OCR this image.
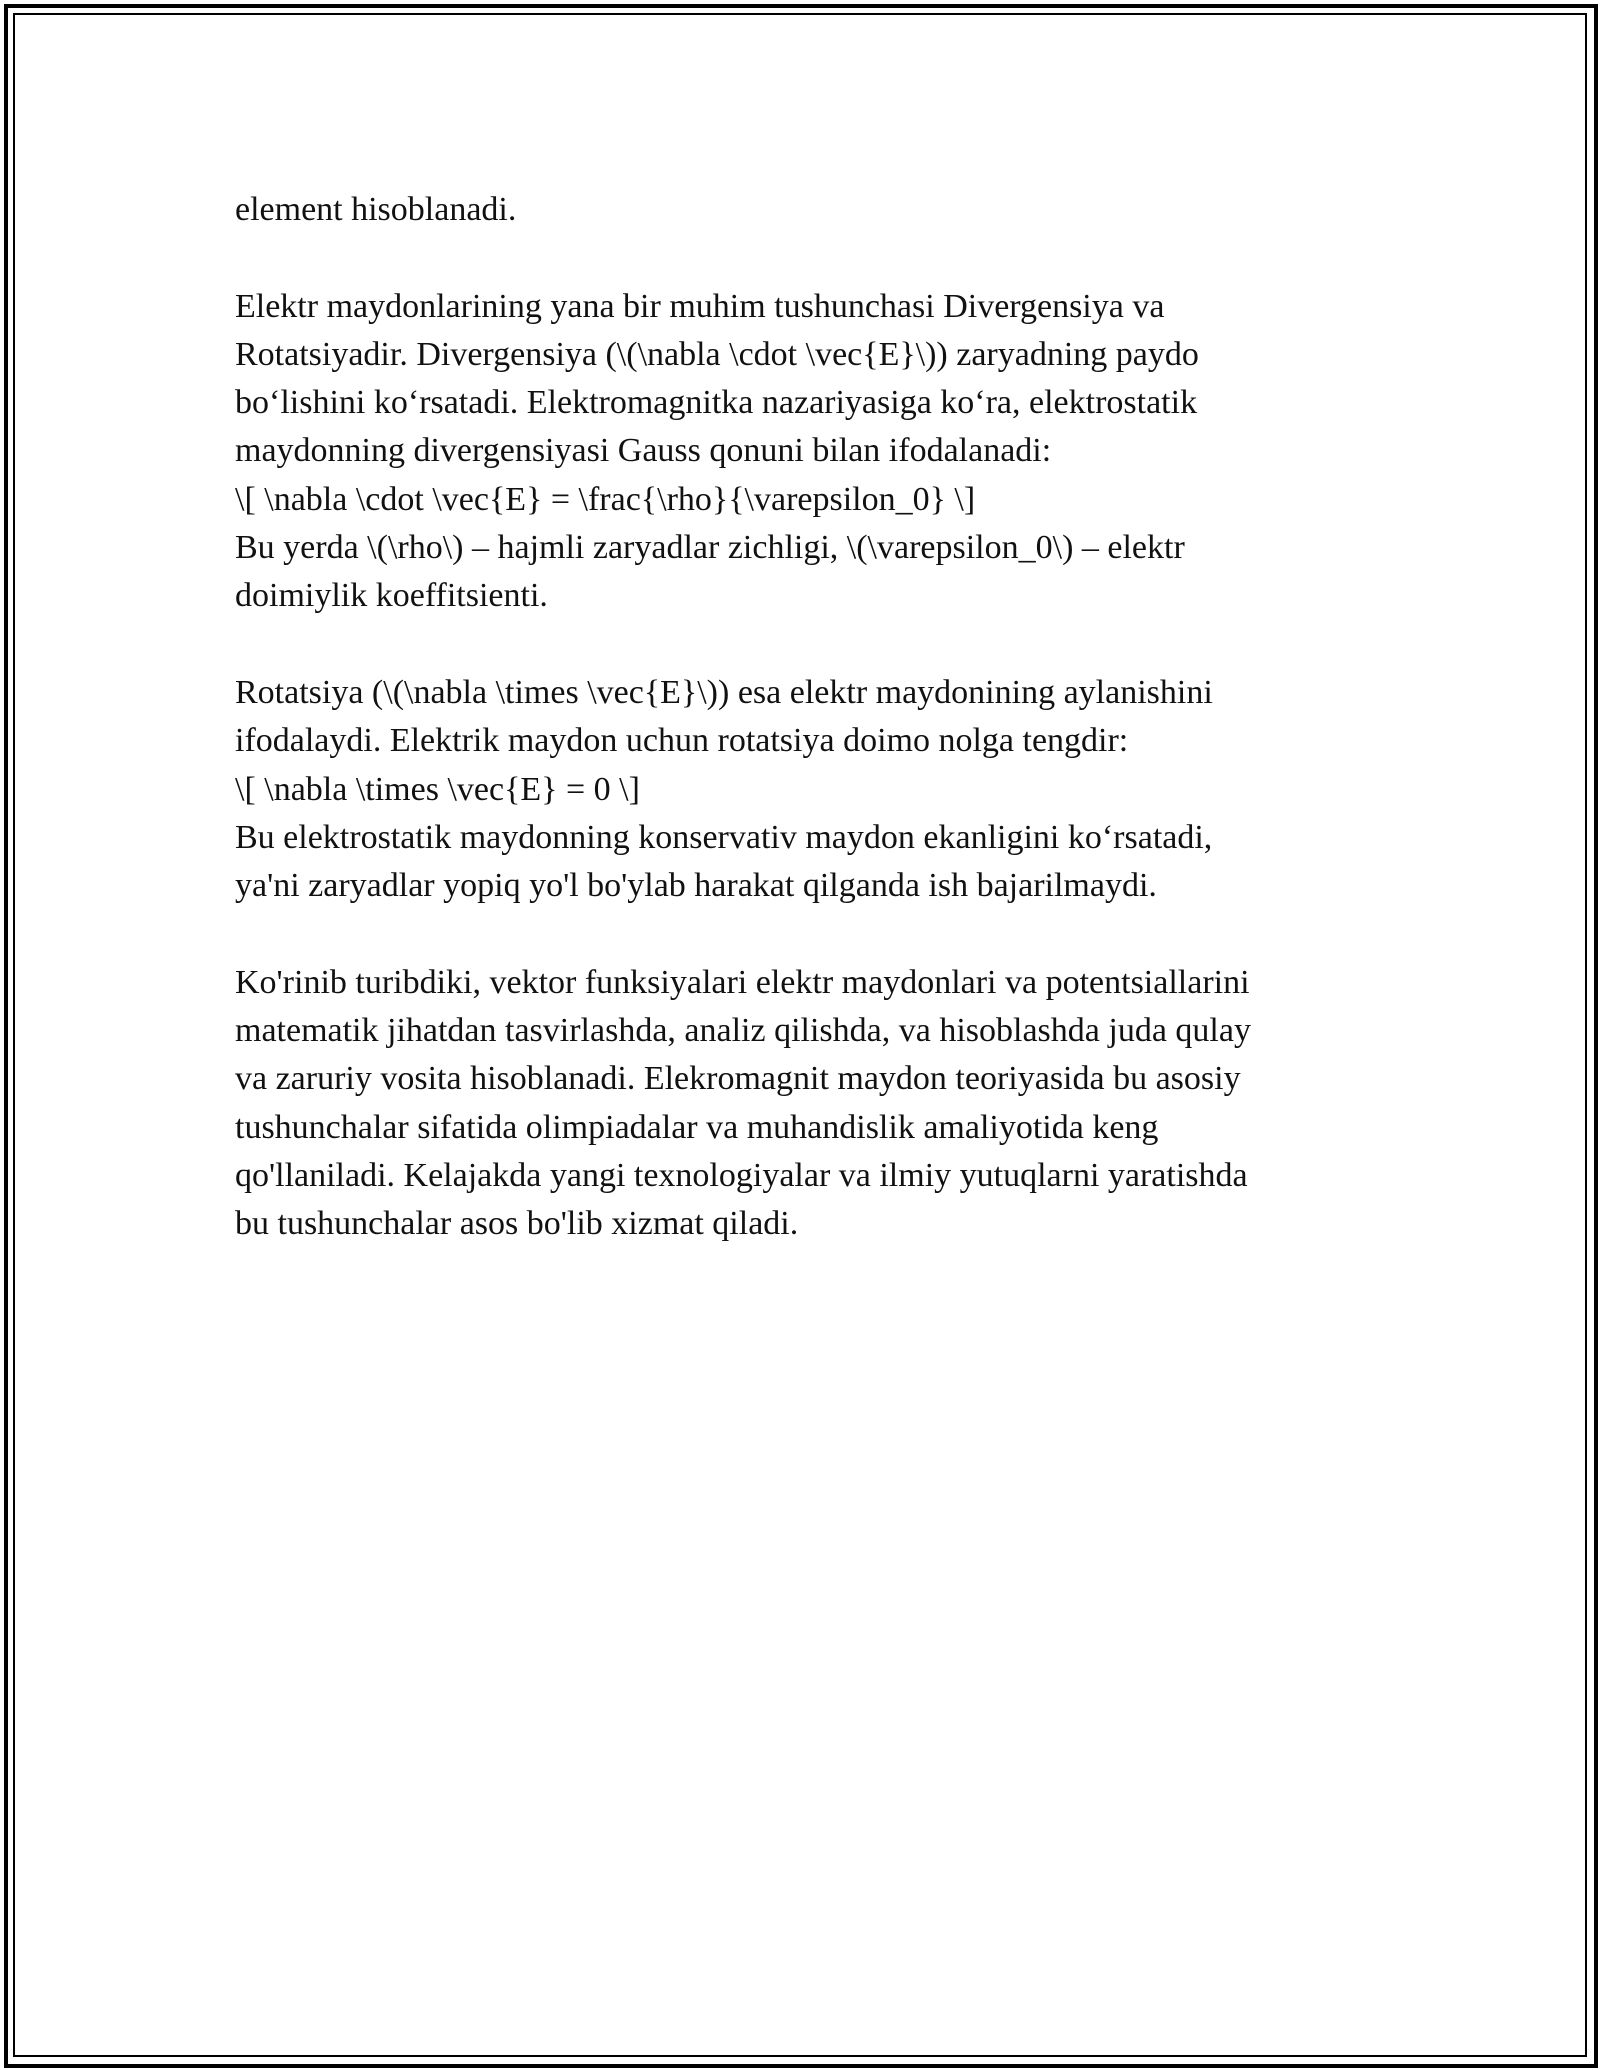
element hisoblanadi.
Elektr maydonlarining yana bir muhim tushunchasi Divergensiya va
Rotatsiyadir. Divergensiya (\(\nabla \cdot \vec{E}\)) zaryadning paydo
bo‘lishini ko‘rsatadi. Elektromagnitka nazariyasiga ko‘ra, elektrostatik
maydonning divergensiyasi Gauss qonuni bilan ifodalanadi:
\[ \nabla \cdot \vec{E} = \frac{\rho}{\varepsilon_0} \]
Bu yerda \(\rho\) – hajmli zaryadlar zichligi, \(\varepsilon_0\) – elektr
doimiylik koeffitsienti.
Rotatsiya (\(\nabla \times \vec{E}\)) esa elektr maydonining aylanishini
ifodalaydi. Elektrik maydon uchun rotatsiya doimo nolga tengdir:
\[ \nabla \times \vec{E} = 0 \]
Bu elektrostatik maydonning konservativ maydon ekanligini ko‘rsatadi,
ya'ni zaryadlar yopiq yo'l bo'ylab harakat qilganda ish bajarilmaydi.
Ko'rinib turibdiki, vektor funksiyalari elektr maydonlari va potentsiallarini
matematik jihatdan tasvirlashda, analiz qilishda, va hisoblashda juda qulay
va zaruriy vosita hisoblanadi. Elekromagnit maydon teoriyasida bu asosiy
tushunchalar sifatida olimpiadalar va muhandislik amaliyotida keng
qo'llaniladi. Kelajakda yangi texnologiyalar va ilmiy yutuqlarni yaratishda
bu tushunchalar asos bo'lib xizmat qiladi.
